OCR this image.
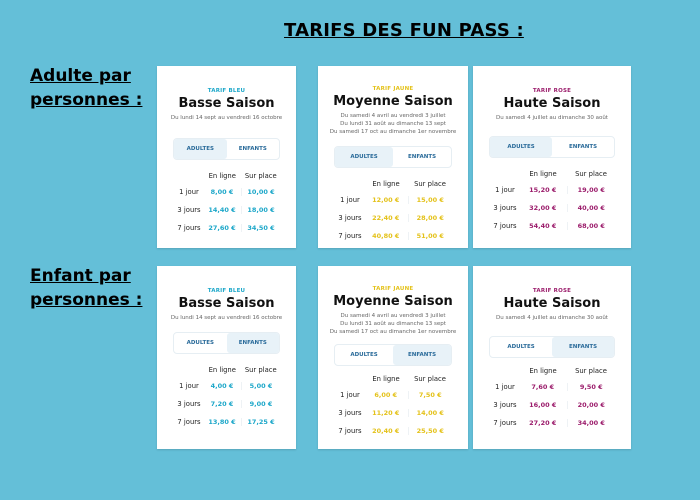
TARIFS DES FUN PASS :
Adulte par personnes :
Enfant par personnes :
TARIF BLEU
Basse Saison
Du lundi 14 sept au vendredi 16 octobre
ADULTES	ENFANTS
En ligne	Sur place
1 jour	8,00 €	10,00 €
3 jours	14,40 €	18,00 €
7 jours	27,60 €	34,50 €
TARIF JAUNE
Moyenne Saison
Du samedi 4 avril au vendredi 3 juillet
Du lundi 31 août au dimanche 13 sept
Du samedi 17 oct au dimanche 1er novembre
ADULTES	ENFANTS
En ligne	Sur place
1 jour	12,00 €	15,00 €
3 jours	22,40 €	28,00 €
7 jours	40,80 €	51,00 €
TARIF ROSE
Haute Saison
Du samedi 4 juillet au dimanche 30 août
ADULTES	ENFANTS
En ligne	Sur place
1 jour	15,20 €	19,00 €
3 jours	32,00 €	40,00 €
7 jours	54,40 €	68,00 €
TARIF BLEU
Basse Saison
Du lundi 14 sept au vendredi 16 octobre
ADULTES	ENFANTS
En ligne	Sur place
1 jour	4,00 €	5,00 €
3 jours	7,20 €	9,00 €
7 jours	13,80 €	17,25 €
TARIF JAUNE
Moyenne Saison
Du samedi 4 avril au vendredi 3 juillet
Du lundi 31 août au dimanche 13 sept
Du samedi 17 oct au dimanche 1er novembre
ADULTES	ENFANTS
En ligne	Sur place
1 jour	6,00 €	7,50 €
3 jours	11,20 €	14,00 €
7 jours	20,40 €	25,50 €
TARIF ROSE
Haute Saison
Du samedi 4 juillet au dimanche 30 août
ADULTES	ENFANTS
En ligne	Sur place
1 jour	7,60 €	9,50 €
3 jours	16,00 €	20,00 €
7 jours	27,20 €	34,00 €
